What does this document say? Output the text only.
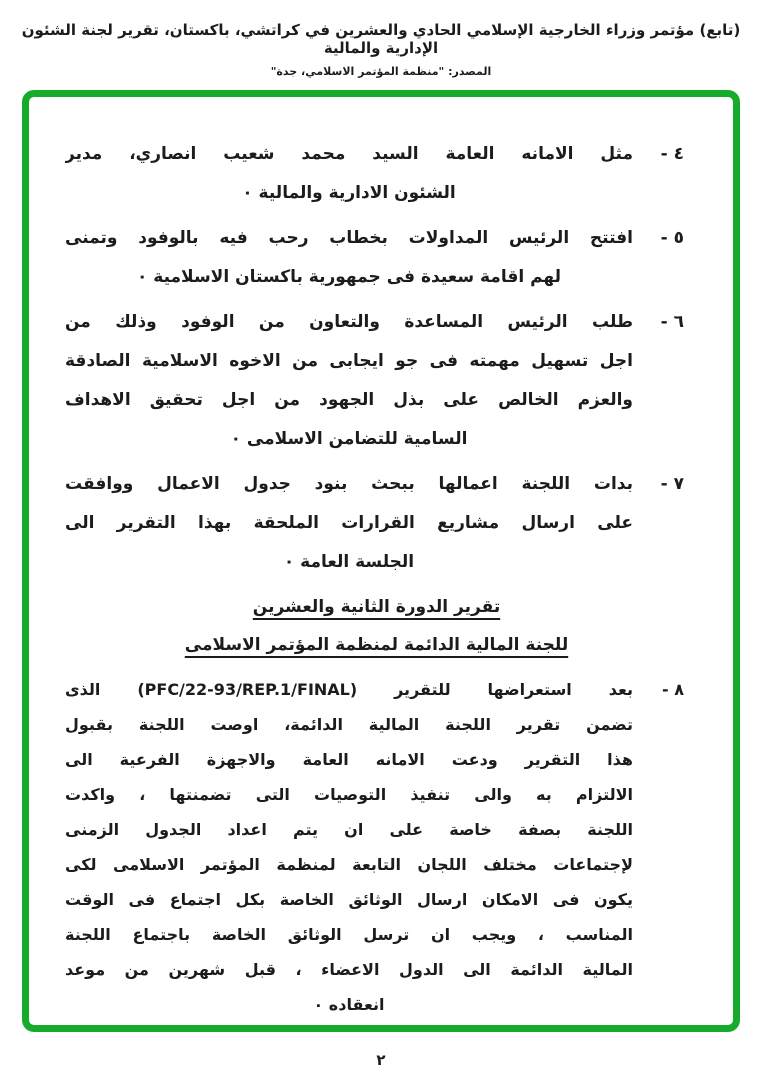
(تابع) مؤتمر وزراء الخارجية الإسلامي الحادي والعشرين في كراتشي، باكستان، تقرير لجنة الشئون الإدارية والمالية
المصدر: "منظمة المؤتمر الاسلامي، جدة"
٤ -
مثل الامانه العامة السيد محمد شعيب انصاري، مدير
الشئون الادارية والمالية ٠
٥ -
افتتح الرئيس المداولات بخطاب رحب فيه بالوفود وتمنى
لهم اقامة سعيدة فى جمهورية باكستان الاسلامية ٠
٦ -
طلب الرئيس المساعدة والتعاون من الوفود وذلك من
اجل تسهيل مهمته فى جو ايجابى من الاخوه الاسلامية الصادقة
والعزم الخالص على بذل الجهود من اجل تحقيق الاهداف
السامية للتضامن الاسلامى ٠
٧ -
بدات اللجنة اعمالها ببحث بنود جدول الاعمال ووافقت
على ارسال مشاريع القرارات الملحقة بهذا التقرير الى
الجلسة العامة ٠
تقرير الدورة الثانية والعشرين
للجنة المالية الدائمة لمنظمة المؤتمر الاسلامى
٨ -
بعد استعراضها للتقرير (PFC/22-93/REP.1/FINAL) الذى
تضمن تقرير اللجنة المالية الدائمة، اوصت اللجنة بقبول
هذا التقرير ودعت الامانه العامة والاجهزة الفرعية الى
الالتزام به والى تنفيذ التوصيات التى تضمنتها ، واكدت
اللجنة بصفة خاصة على ان يتم اعداد الجدول الزمنى
لإجتماعات مختلف اللجان التابعة لمنظمة المؤتمر الاسلامى لكى
يكون فى الامكان ارسال الوثائق الخاصة بكل اجتماع فى الوقت
المناسب ، ويجب ان ترسل الوثائق الخاصة باجتماع اللجنة
المالية الدائمة الى الدول الاعضاء ، قبل شهرين من موعد
انعقاده ٠
٢
